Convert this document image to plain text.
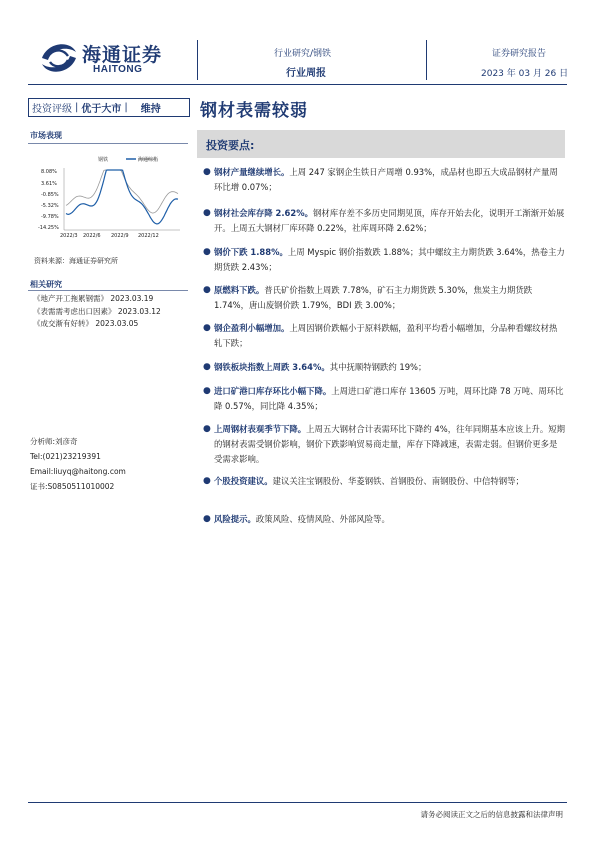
海通证券
HAITONG
行业研究/钢铁
行业周报
证券研究报告
2023 年 03 月 26 日
投资评级 | 优于大市 | 维持 钢材表需较弱
市场表现
钢铁	海通综指
8.08%
3.61%
-0.85%
-5.32%
-9.78%
-14.25%
2022/3 2022/6 2022/9 2022/12
资料来源：海通证券研究所
相关研究
《地产开工拖累钢需》 2023.03.19
《表需需考虑出口因素》 2023.03.12
《成交渐有好转》 2023.03.05
分析师:刘彦奇
Tel:(021)23219391
Email:liuyq@haitong.com
证书:S0850511010002
投资要点:
● 钢材产量继续增长。上周 247 家钢企生铁日产周增 0.93%，成品材也即五大成品钢材产量周环比增 0.07%；
● 钢材社会库存降 2.62%。钢材库存差不多历史同期见顶，库存开始去化，说明开工渐渐开始展开。上周五大钢材厂库环降 0.22%，社库周环降 2.62%；
● 钢价下跌 1.88%。上周 Myspic 钢价指数跌 1.88%；其中螺纹主力期货跌 3.64%，热卷主力期货跌 2.43%；
● 原燃料下跌。普氏矿价指数上周跌 7.78%，矿石主力期货跌 5.30%，焦炭主力期货跌 1.74%，唐山废钢价跌 1.79%，BDI 跌 3.00%；
● 钢企盈利小幅增加。上周因钢价跌幅小于原料跌幅，盈利平均看小幅增加，分品种看螺纹材热轧下跌；
● 钢铁板块指数上周跌 3.64%。其中抚顺特钢跌约 19%；
● 进口矿港口库存环比小幅下降。上周进口矿港口库存 13605 万吨，周环比降 78 万吨、周环比降 0.57%，同比降 4.35%；
● 上周钢材表观季节下降。上周五大钢材合计表需环比下降约 4%，往年同期基本应该上升。短期的钢材表需受钢价影响，钢价下跌影响贸易商走量，库存下降减速，表需走弱。但钢价更多是受需求影响。
● 个股投资建议。建议关注宝钢股份、华菱钢铁、首钢股份、南钢股份、中信特钢等；
● 风险提示。政策风险、疫情风险、外部风险等。
请务必阅读正文之后的信息披露和法律声明
